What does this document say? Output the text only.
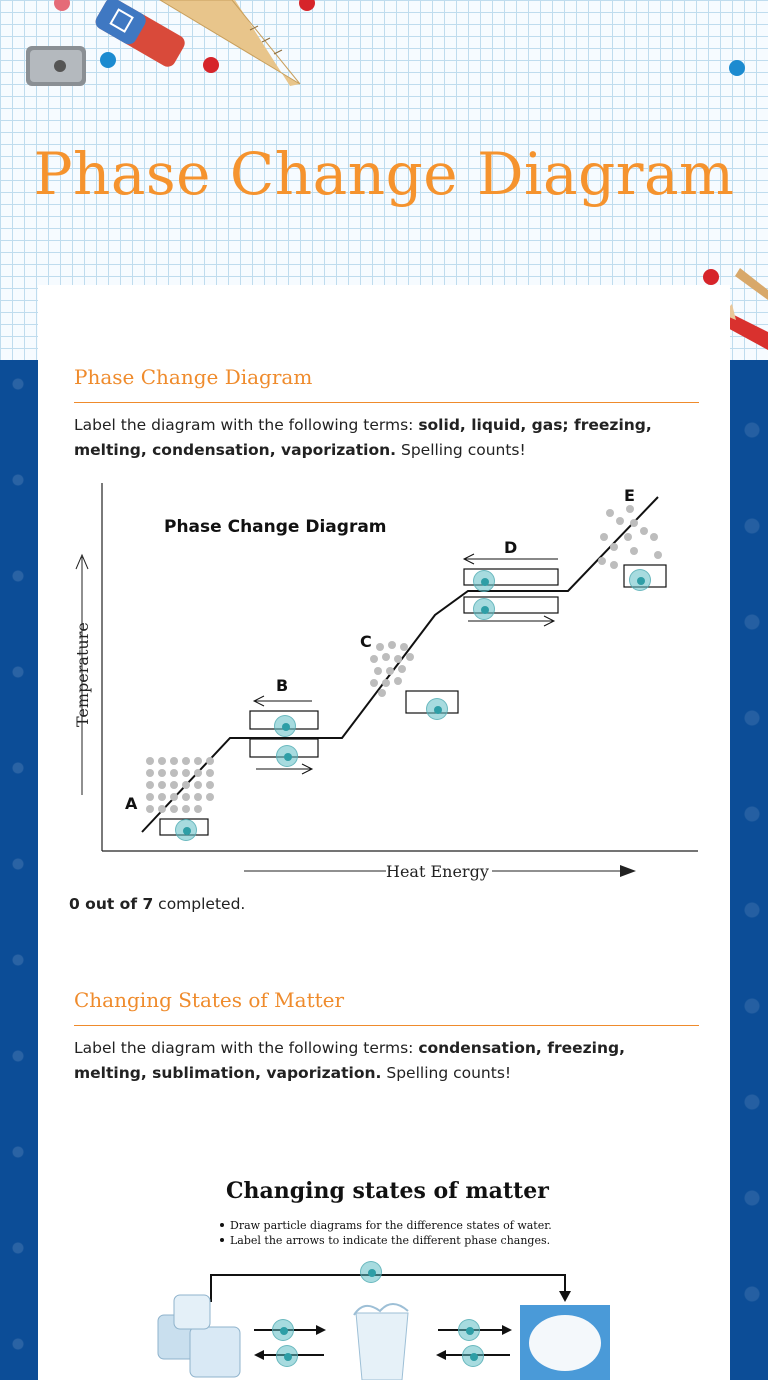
Phase Change Diagram
Phase Change Diagram
Label the diagram with the following terms: solid, liquid, gas; freezing, melting, condensation, vaporization. Spelling counts!
Temperature
Heat Energy
Phase Change Diagram
A
B
C
D
E
0 out of 7 completed.
Changing States of Matter
Label the diagram with the following terms: condensation, freezing, melting, sublimation, vaporization. Spelling counts!
Changing states of matter
Draw particle diagrams for the difference states of water.
Label the arrows to indicate the different phase changes.
